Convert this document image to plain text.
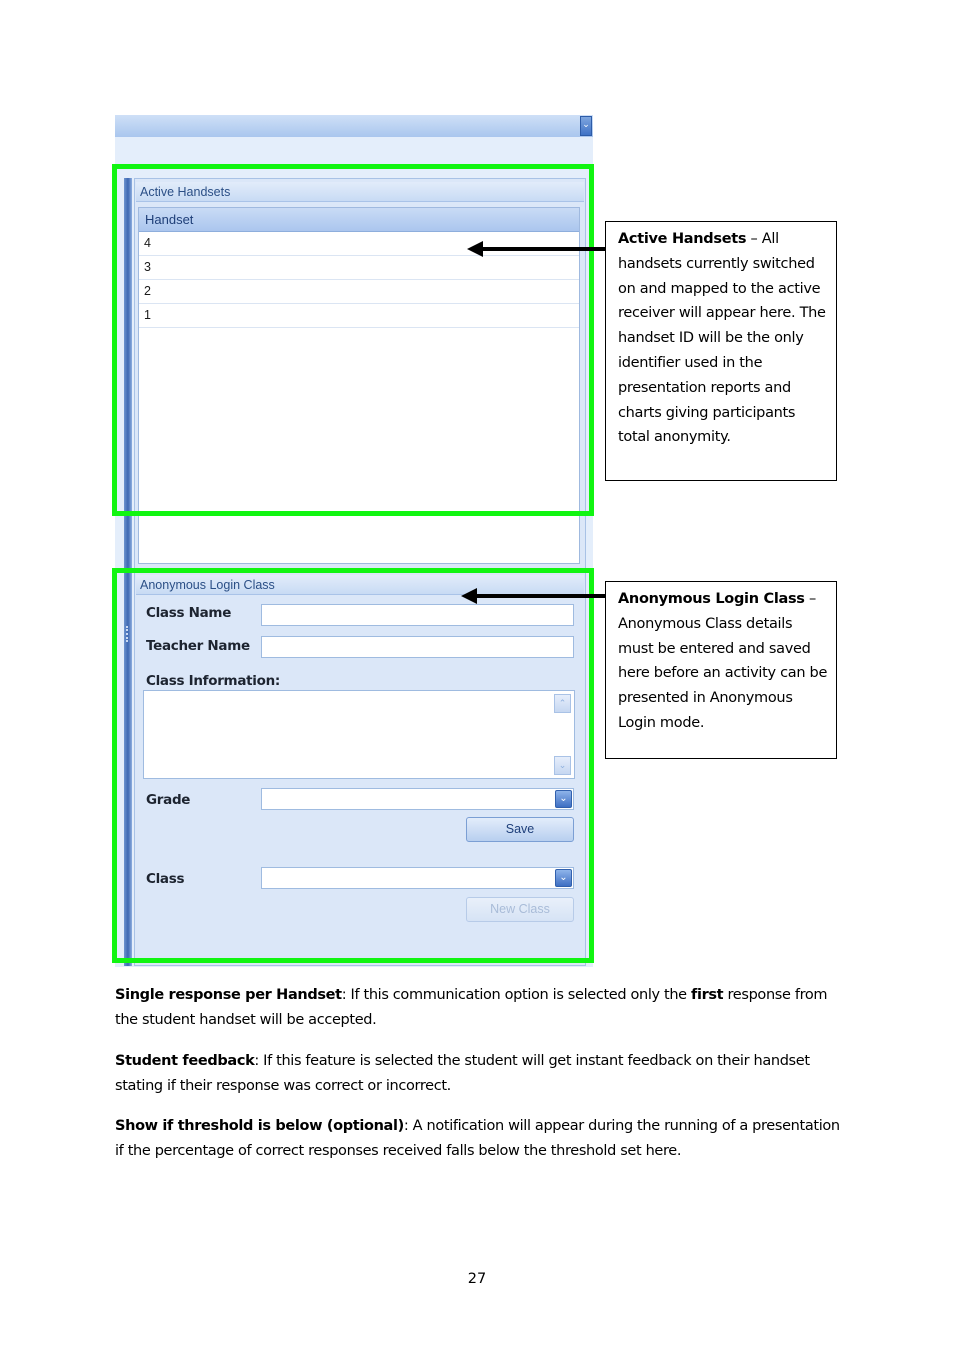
⌄
Active Handsets
Handset
4
3
2
1
Anonymous Login Class
Class Name
Teacher Name
Class Information:
⌃
⌄
Grade	⌄
Save
Class	⌄
New Class
Active Handsets – All handsets currently switched on and mapped to the active receiver will appear here. The handset ID will be the only identifier used in the presentation reports and charts giving participants total anonymity.
Anonymous Login Class – Anonymous Class details must be entered and saved here before an activity can be presented in Anonymous Login mode.
Single response per Handset: If this communication option is selected only the first response from the student handset will be accepted.
Student feedback: If this feature is selected the student will get instant feedback on their handset stating if their response was correct or incorrect.
Show if threshold is below (optional): A notification will appear during the running of a presentation if the percentage of correct responses received falls below the threshold set here.
27
